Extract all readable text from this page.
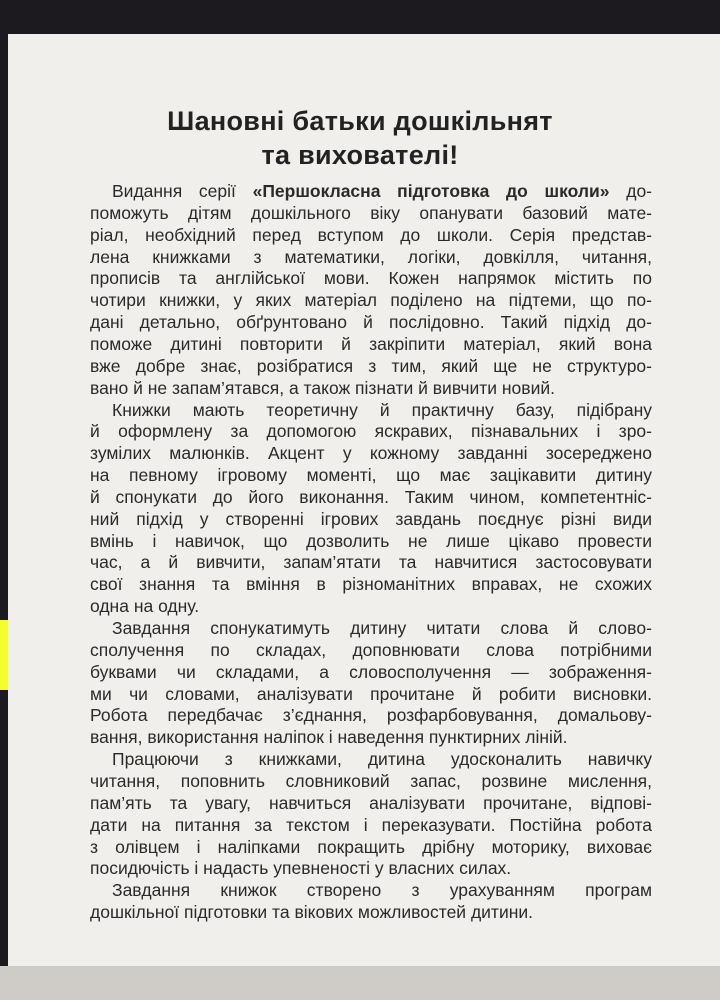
Шановні батьки дошкільнят
та вихователі!
Видання серії «Першокласна підготовка до школи» до-
поможуть дітям дошкільного віку опанувати базовий мате-
ріал, необхідний перед вступом до школи. Серія представ-
лена книжками з математики, логіки, довкілля, читання,
прописів та англійської мови. Кожен напрямок містить по
чотири книжки, у яких матеріал поділено на підтеми, що по-
дані детально, обґрунтовано й послідовно. Такий підхід до-
поможе дитині повторити й закріпити матеріал, який вона
вже добре знає, розібратися з тим, який ще не структуро-
вано й не запам’ятався, а також пізнати й вивчити новий.
Книжки мають теоретичну й практичну базу, підібрану
й оформлену за допомогою яскравих, пізнавальних і зро-
зумілих малюнків. Акцент у кожному завданні зосереджено
на певному ігровому моменті, що має зацікавити дитину
й спонукати до його виконання. Таким чином, компетентніс-
ний підхід у створенні ігрових завдань поєднує різні види
вмінь і навичок, що дозволить не лише цікаво провести
час, а й вивчити, запам’ятати та навчитися застосовувати
свої знання та вміння в різноманітних вправах, не схожих
одна на одну.
Завдання спонукатимуть дитину читати слова й словo-
сполучення по складах, доповнювати слова потрібними
буквами чи складами, а словосполучення — зображення-
ми чи словами, аналізувати прочитане й робити висновки.
Робота передбачає з’єднання, розфарбовування, домальову-
вання, використання наліпок і наведення пунктирних ліній.
Працюючи з книжками, дитина удосконалить навичку
читання, поповнить словниковий запас, розвине мислення,
пам’ять та увагу, навчиться аналізувати прочитане, відпові-
дати на питання за текстом і переказувати. Постійна робота
з олівцем і наліпками покращить дрібну моторику, виховає
посидючість і надасть упевненості у власних силах.
Завдання книжок створено з урахуванням програм
дошкільної підготовки та вікових можливостей дитини.
